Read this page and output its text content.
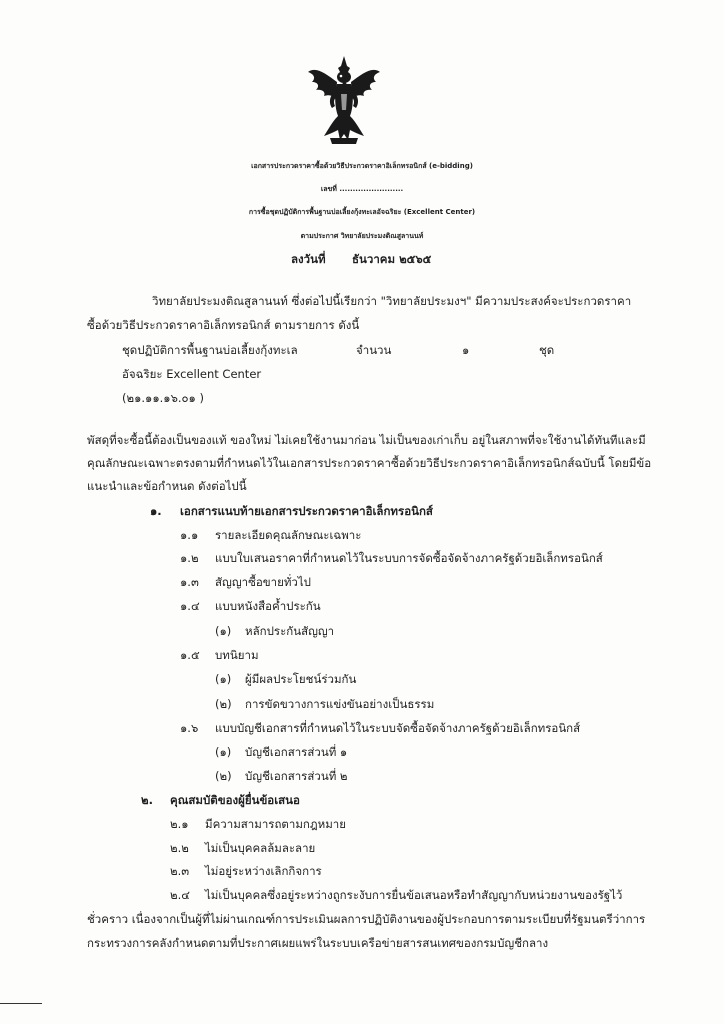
เอกสารประกวดราคาซื้อด้วยวิธีประกวดราคาอิเล็กทรอนิกส์ (e-bidding)
เลขที่ ........................
การซื้อชุดปฏิบัติการพื้นฐานบ่อเลี้ยงกุ้งทะเลอัจฉริยะ (Excellent Center)
ตามประกาศ วิทยาลัยประมงติณสูลานนท์
ลงวันที่ ธันวาคม ๒๕๖๕
วิทยาลัยประมงติณสูลานนท์ ซึ่งต่อไปนี้เรียกว่า "วิทยาลัยประมงฯ" มีความประสงค์จะประกวดราคา
ซื้อด้วยวิธีประกวดราคาอิเล็กทรอนิกส์ ตามรายการ ดังนี้
ชุดปฏิบัติการพื้นฐานบ่อเลี้ยงกุ้งทะเล	จำนวน	๑	ชุด
อัจฉริยะ Excellent Center
(๒๑.๑๑.๑๖.๐๑ )
พัสดุที่จะซื้อนี้ต้องเป็นของแท้ ของใหม่ ไม่เคยใช้งานมาก่อน ไม่เป็นของเก่าเก็บ อยู่ในสภาพที่จะใช้งานได้ทันทีและมี
คุณลักษณะเฉพาะตรงตามที่กำหนดไว้ในเอกสารประกวดราคาซื้อด้วยวิธีประกวดราคาอิเล็กทรอนิกส์ฉบับนี้ โดยมีข้อ
แนะนำและข้อกำหนด ดังต่อไปนี้
๑. เอกสารแนบท้ายเอกสารประกวดราคาอิเล็กทรอนิกส์
๑.๑ รายละเอียดคุณลักษณะเฉพาะ
๑.๒ แบบใบเสนอราคาที่กำหนดไว้ในระบบการจัดซื้อจัดจ้างภาครัฐด้วยอิเล็กทรอนิกส์
๑.๓ สัญญาซื้อขายทั่วไป
๑.๔ แบบหนังสือค้ำประกัน
(๑) หลักประกันสัญญา
๑.๕ บทนิยาม
(๑) ผู้มีผลประโยชน์ร่วมกัน
(๒) การขัดขวางการแข่งขันอย่างเป็นธรรม
๑.๖ แบบบัญชีเอกสารที่กำหนดไว้ในระบบจัดซื้อจัดจ้างภาครัฐด้วยอิเล็กทรอนิกส์
(๑) บัญชีเอกสารส่วนที่ ๑
(๒) บัญชีเอกสารส่วนที่ ๒
๒. คุณสมบัติของผู้ยื่นข้อเสนอ
๒.๑ มีความสามารถตามกฎหมาย
๒.๒ ไม่เป็นบุคคลล้มละลาย
๒.๓ ไม่อยู่ระหว่างเลิกกิจการ
๒.๔ ไม่เป็นบุคคลซึ่งอยู่ระหว่างถูกระงับการยื่นข้อเสนอหรือทำสัญญากับหน่วยงานของรัฐไว้
ชั่วคราว เนื่องจากเป็นผู้ที่ไม่ผ่านเกณฑ์การประเมินผลการปฏิบัติงานของผู้ประกอบการตามระเบียบที่รัฐมนตรีว่าการ
กระทรวงการคลังกำหนดตามที่ประกาศเผยแพร่ในระบบเครือข่ายสารสนเทศของกรมบัญชีกลาง
